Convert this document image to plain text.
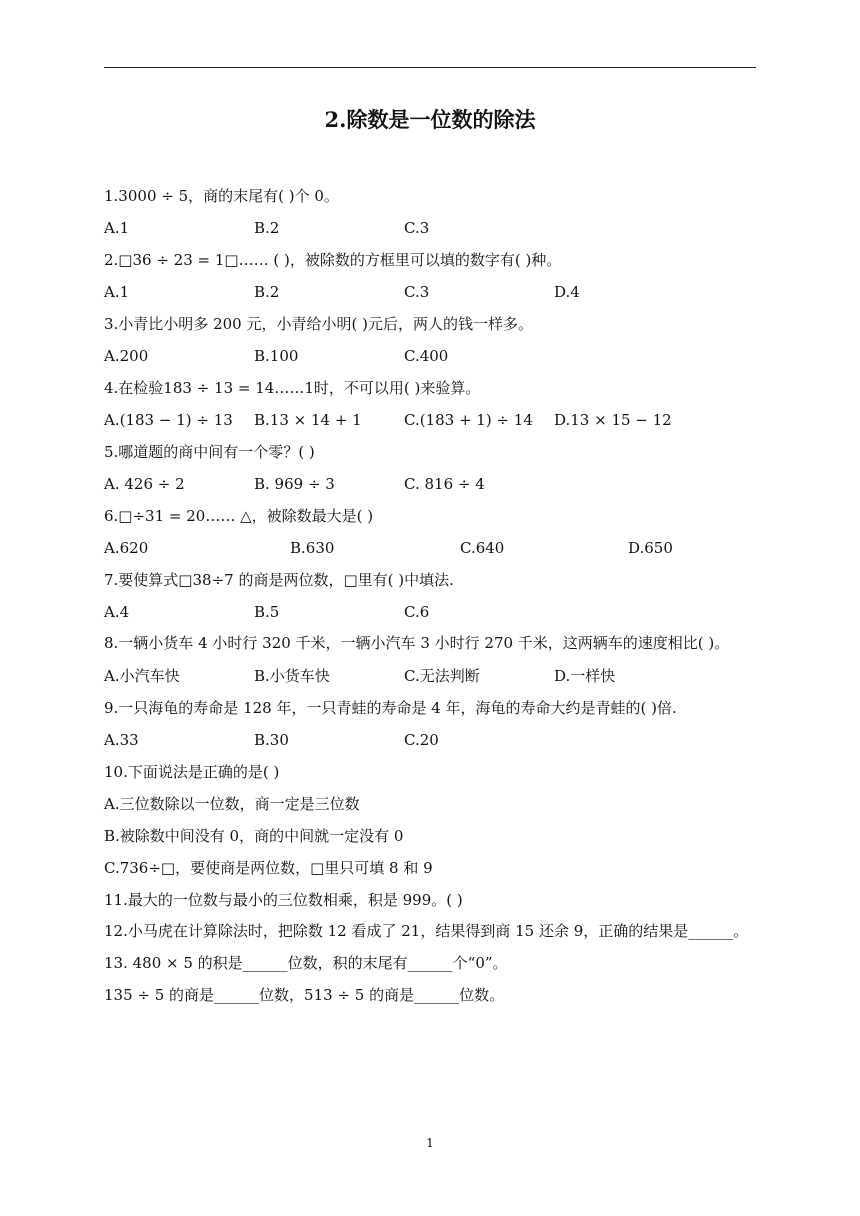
2.除数是一位数的除法
1.3000 ÷ 5，商的末尾有( )个 0。
A.1	B.2	C.3
2.□36 ÷ 23 = 1□…… ( )，被除数的方框里可以填的数字有( )种。
A.1	B.2	C.3	D.4
3.小青比小明多 200 元，小青给小明( )元后，两人的钱一样多。
A.200	B.100	C.400
4.在检验183 ÷ 13 = 14……1时，不可以用( )来验算。
A.(183 − 1) ÷ 13 B.13 × 14 + 1	C.(183 + 1) ÷ 14 D.13 × 15 − 12
5.哪道题的商中间有一个零？( )
A. 426 ÷ 2	B. 969 ÷ 3	C. 816 ÷ 4
6.□÷31 = 20…… △，被除数最大是( )
A.620	B.630	C.640	D.650
7.要使算式□38÷7 的商是两位数，□里有( )中填法.
A.4	B.5	C.6
8.一辆小货车 4 小时行 320 千米，一辆小汽车 3 小时行 270 千米，这两辆车的速度相比( )。
A.小汽车快	B.小货车快	C.无法判断	D.一样快
9.一只海龟的寿命是 128 年，一只青蛙的寿命是 4 年，海龟的寿命大约是青蛙的( )倍.
A.33	B.30	C.20
10.下面说法是正确的是( )
A.三位数除以一位数，商一定是三位数
B.被除数中间没有 0，商的中间就一定没有 0
C.736÷□，要使商是两位数，□里只可填 8 和 9
11.最大的一位数与最小的三位数相乘，积是 999。( )
12.小马虎在计算除法时，把除数 12 看成了 21，结果得到商 15 还余 9，正确的结果是______。
13. 480 × 5 的积是______位数，积的末尾有______个“0”。
135 ÷ 5 的商是______位数，513 ÷ 5 的商是______位数。
1
